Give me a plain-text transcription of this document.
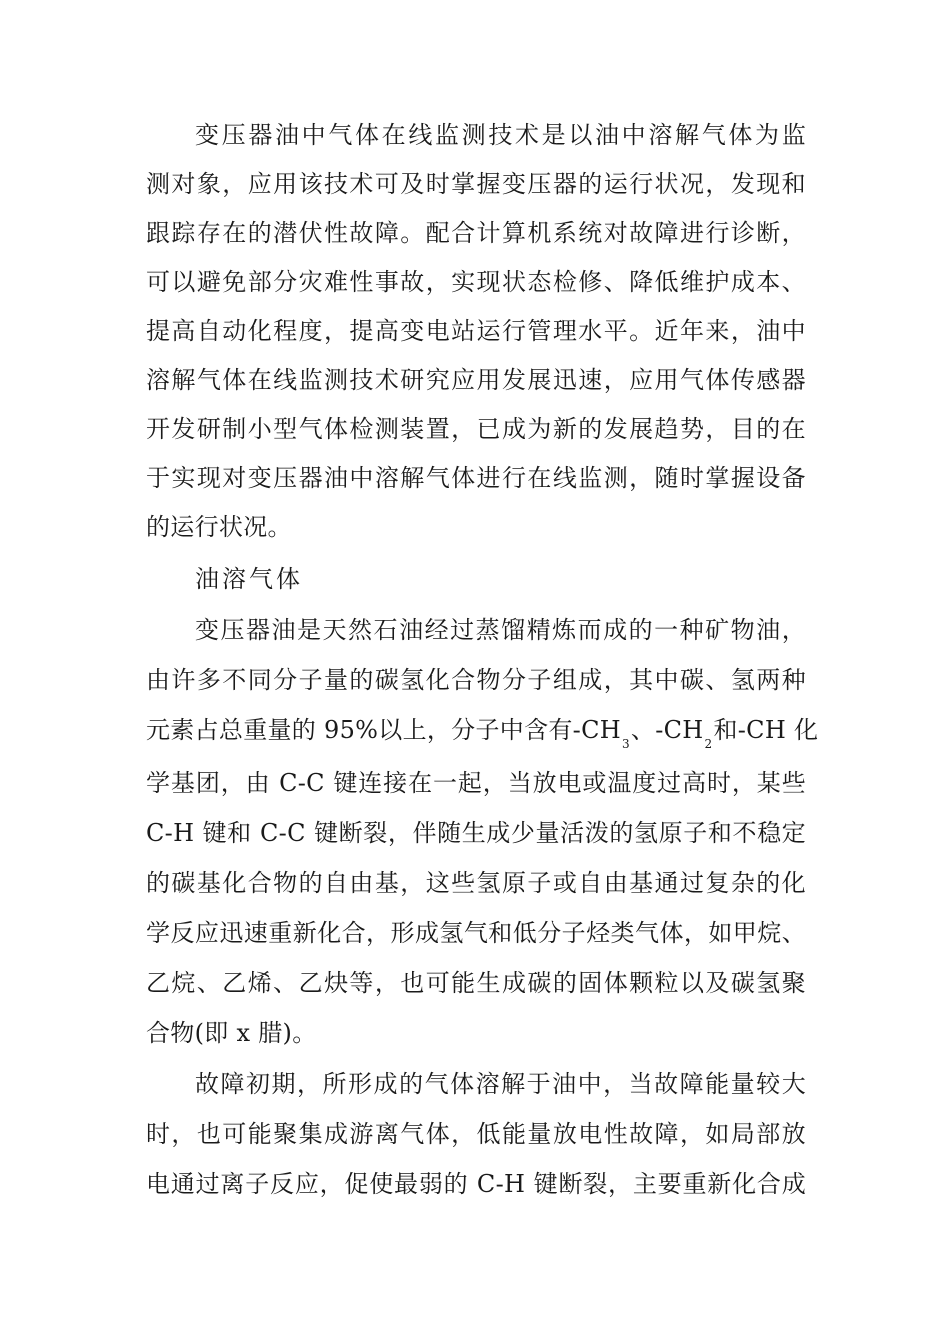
变压器油中气体在线监测技术是以油中溶解气体为监
测对象，应用该技术可及时掌握变压器的运行状况，发现和
跟踪存在的潜伏性故障。配合计算机系统对故障进行诊断，
可以避免部分灾难性事故，实现状态检修、降低维护成本、
提高自动化程度，提高变电站运行管理水平。近年来，油中
溶解气体在线监测技术研究应用发展迅速，应用气体传感器
开发研制小型气体检测装置，已成为新的发展趋势，目的在
于实现对变压器油中溶解气体进行在线监测，随时掌握设备
的运行状况。
油溶气体
变压器油是天然石油经过蒸馏精炼而成的一种矿物油，
由许多不同分子量的碳氢化合物分子组成，其中碳、氢两种
元素占总重量的 95%以上，分子中含有$-CH_3$、$-CH_2$和-CH 化
学基团，由 C-C 键连接在一起，当放电或温度过高时，某些
C-H 键和 C-C 键断裂，伴随生成少量活泼的氢原子和不稳定
的碳基化合物的自由基，这些氢原子或自由基通过复杂的化
学反应迅速重新化合，形成氢气和低分子烃类气体，如甲烷、
乙烷、乙烯、乙炔等，也可能生成碳的固体颗粒以及碳氢聚
合物(即 x 腊)。
故障初期，所形成的气体溶解于油中，当故障能量较大
时，也可能聚集成游离气体，低能量放电性故障，如局部放
电通过离子反应，促使最弱的 C-H 键断裂，主要重新化合成
